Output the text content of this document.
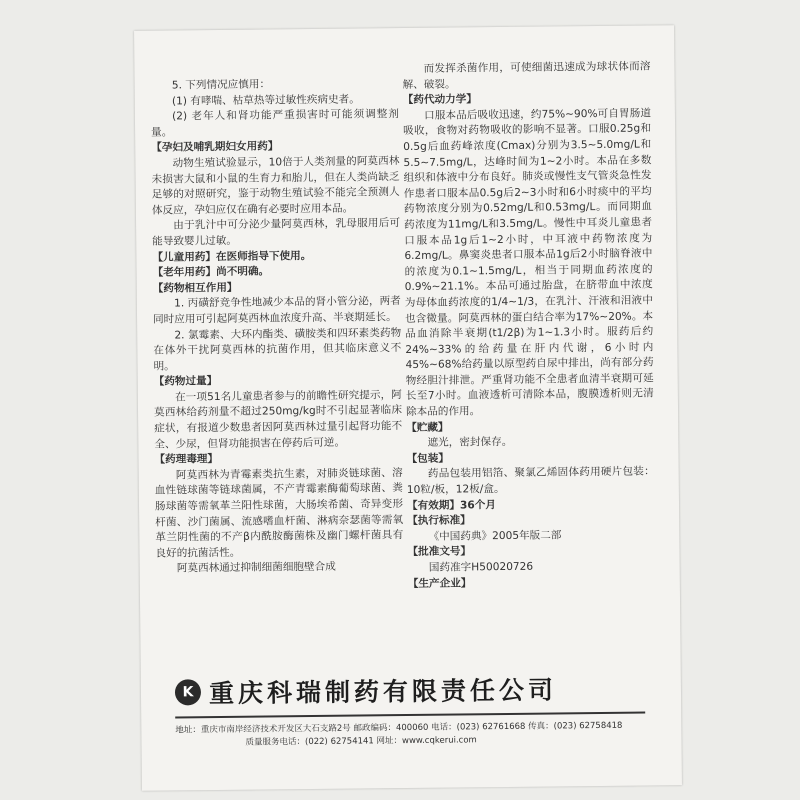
5. 下列情况应慎用：

(1) 有哮喘、枯草热等过敏性疾病史者。

(2) 老年人和肾功能严重损害时可能须调整剂量。

【孕妇及哺乳期妇女用药】

动物生殖试验显示，10倍于人类剂量的阿莫西林未损害大鼠和小鼠的生育力和胎儿，但在人类尚缺乏足够的对照研究，鉴于动物生殖试验不能完全预测人体反应，孕妇应仅在确有必要时应用本品。

由于乳汁中可分泌少量阿莫西林，乳母服用后可能导致婴儿过敏。

【儿童用药】在医师指导下使用。

【老年用药】尚不明确。

【药物相互作用】

1. 丙磺舒竞争性地减少本品的肾小管分泌，两者同时应用可引起阿莫西林血浓度升高、半衰期延长。

2. 氯霉素、大环内酯类、磺胺类和四环素类药物在体外干扰阿莫西林的抗菌作用，但其临床意义不明。

【药物过量】

在一项51名儿童患者参与的前瞻性研究提示，阿莫西林给药剂量不超过250mg/kg时不引起显著临床症状，有报道少数患者因阿莫西林过量引起肾功能不全、少尿，但肾功能损害在停药后可逆。

【药理毒理】

阿莫西林为青霉素类抗生素，对肺炎链球菌、溶血性链球菌等链球菌属，不产青霉素酶葡萄球菌、粪肠球菌等需氧革兰阳性球菌，大肠埃希菌、奇异变形杆菌、沙门菌属、流感嗜血杆菌、淋病奈瑟菌等需氧革兰阴性菌的不产β内酰胺酶菌株及幽门螺杆菌具有良好的抗菌活性。

阿莫西林通过抑制细菌细胞壁合成

而发挥杀菌作用，可使细菌迅速成为球状体而溶解、破裂。

【药代动力学】

口服本品后吸收迅速，约75%~90%可自胃肠道吸收，食物对药物吸收的影响不显著。口服0.25g和0.5g后血药峰浓度(Cmax)分别为3.5~5.0mg/L和5.5~7.5mg/L，达峰时间为1~2小时。本品在多数组织和体液中分布良好。肺炎或慢性支气管炎急性发作患者口服本品0.5g后2~3小时和6小时痰中的平均药物浓度分别为0.52mg/L和0.53mg/L。而同期血药浓度为11mg/L和3.5mg/L。慢性中耳炎儿童患者口服本品1g后1~2小时，中耳液中药物浓度为6.2mg/L。鼻窦炎患者口服本品1g后2小时脑脊液中的浓度为0.1~1.5mg/L，相当于同期血药浓度的0.9%~21.1%。本品可通过胎盘，在脐带血中浓度为母体血药浓度的1/4~1/3，在乳汁、汗液和泪液中也含微量。阿莫西林的蛋白结合率为17%~20%。本品血消除半衰期(t1/2β)为1~1.3小时。服药后约24%~33%的给药量在肝内代谢，6小时内45%~68%给药量以原型药自尿中排出，尚有部分药物经胆汁排泄。严重肾功能不全患者血清半衰期可延长至7小时。血液透析可清除本品，腹膜透析则无清除本品的作用。

【贮藏】

遮光，密封保存。

【包装】

药品包装用铝箔、聚氯乙烯固体药用硬片包装：10粒/板，12板/盒。

【有效期】36个月

【执行标准】

《中国药典》2005年版二部

【批准文号】

国药准字H50020726

【生产企业】

K 重庆科瑞制药有限责任公司
地址：重庆市南岸经济技术开发区大石支路2号 邮政编码：400060 电话：(023) 62761668 传真：(023) 62758418
质量服务电话：(022) 62754141 网址：www.cqkerui.com
